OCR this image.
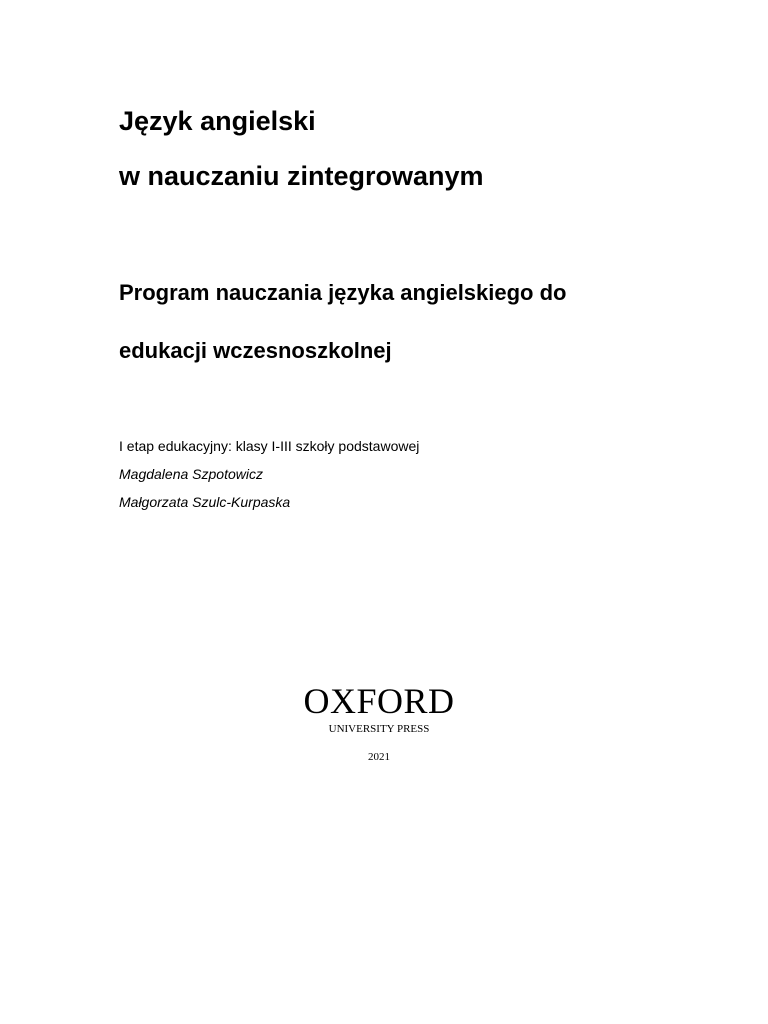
Język angielski
w nauczaniu zintegrowanym
Program nauczania języka angielskiego do
edukacji wczesnoszkolnej

I etap edukacyjny: klasy I-III szkoły podstawowej

Magdalena Szpotowicz

Małgorzata Szulc-Kurpaska

OXFORD
UNIVERSITY PRESS
2021
